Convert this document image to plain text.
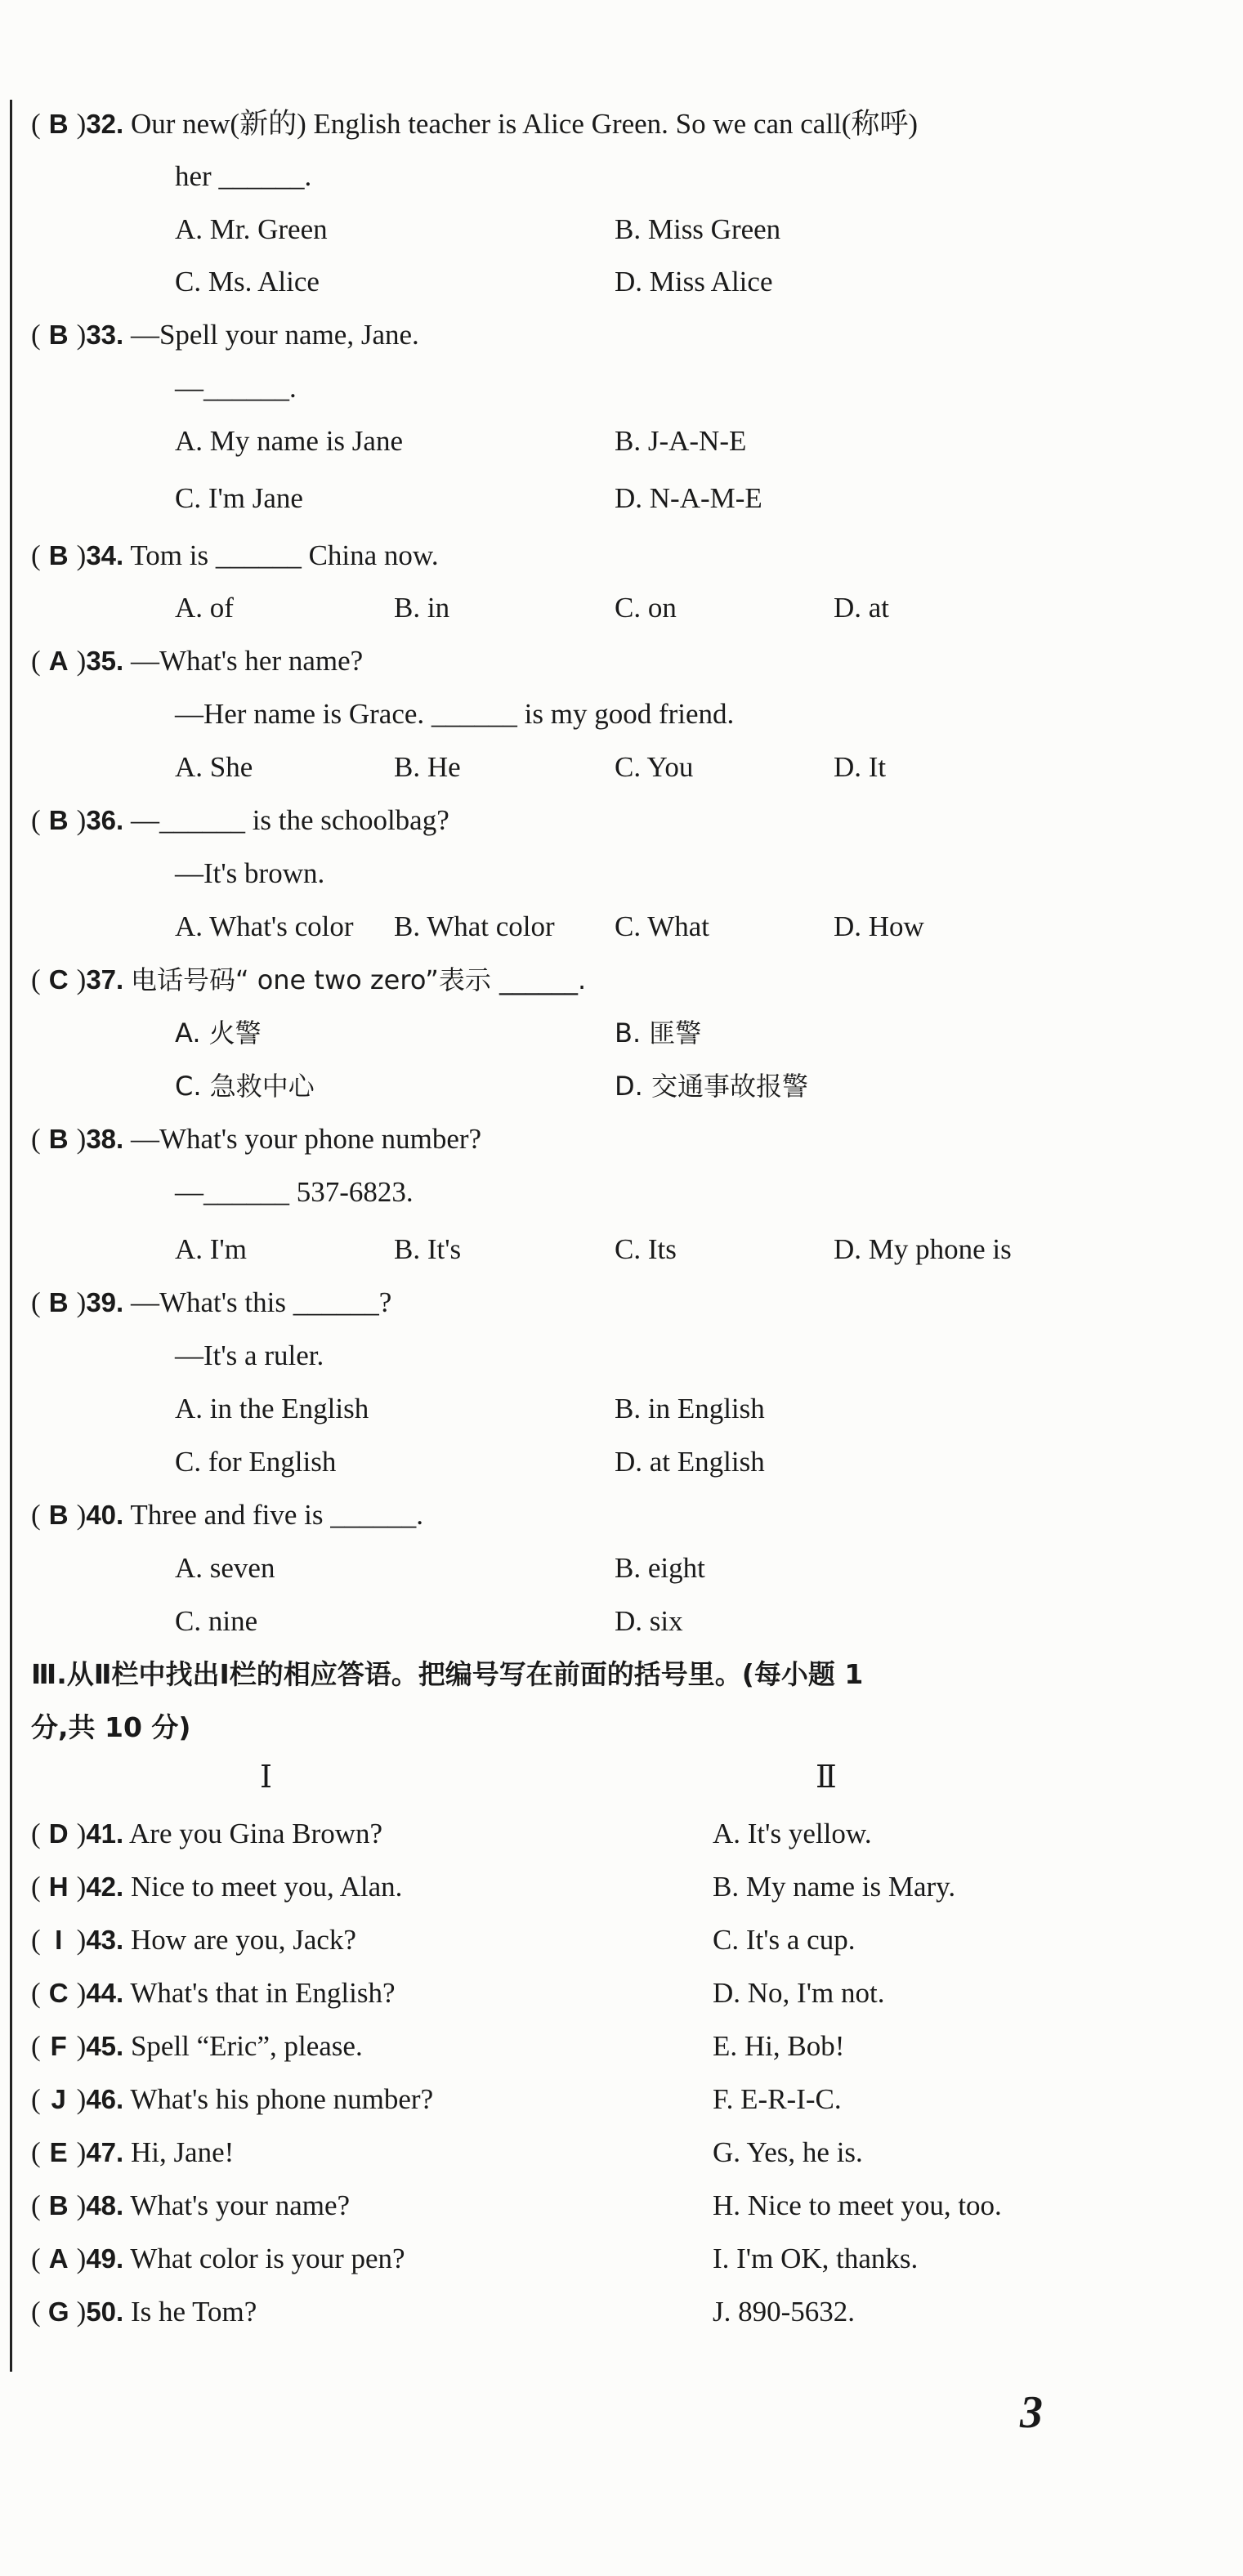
( B )32. Our new(新的) English teacher is Alice Green. So we can call(称呼)
her ______.
A. Mr. Green	B. Miss Green
C. Ms. Alice	D. Miss Alice
( B )33. —Spell your name, Jane.
—______.
A. My name is Jane	B. J-A-N-E
C. I'm Jane	D. N-A-M-E
( B )34. Tom is ______ China now.
A. of	B. in	C. on	D. at
( A )35. —What's her name?
—Her name is Grace. ______ is my good friend.
A. She	B. He	C. You	D. It
( B )36. —______ is the schoolbag?
—It's brown.
A. What's color B. What color C. What	D. How
( C )37. 电话号码“ one two zero”表示 ______.
A. 火警	B. 匪警
C. 急救中心	D. 交通事故报警
( B )38. —What's your phone number?
—______ 537-6823.
A. I'm	B. It's	C. Its	D. My phone is
( B )39. —What's this ______?
—It's a ruler.
A. in the English	B. in English
C. for English	D. at English
( B )40. Three and five is ______.
A. seven	B. eight
C. nine	D. six
Ⅲ.从Ⅱ栏中找出Ⅰ栏的相应答语。把编号写在前面的括号里。(每小题 1
分,共 10 分)
Ⅰ	Ⅱ
( D )41. Are you Gina Brown?	A. It's yellow.
( H )42. Nice to meet you, Alan.	B. My name is Mary.
( I )43. How are you, Jack?	C. It's a cup.
( C )44. What's that in English?	D. No, I'm not.
( F )45. Spell “Eric”, please.	E. Hi, Bob!
( J )46. What's his phone number?	F. E-R-I-C.
( E )47. Hi, Jane!	G. Yes, he is.
( B )48. What's your name?	H. Nice to meet you, too.
( A )49. What color is your pen?	I. I'm OK, thanks.
( G )50. Is he Tom?	J. 890-5632.
3
